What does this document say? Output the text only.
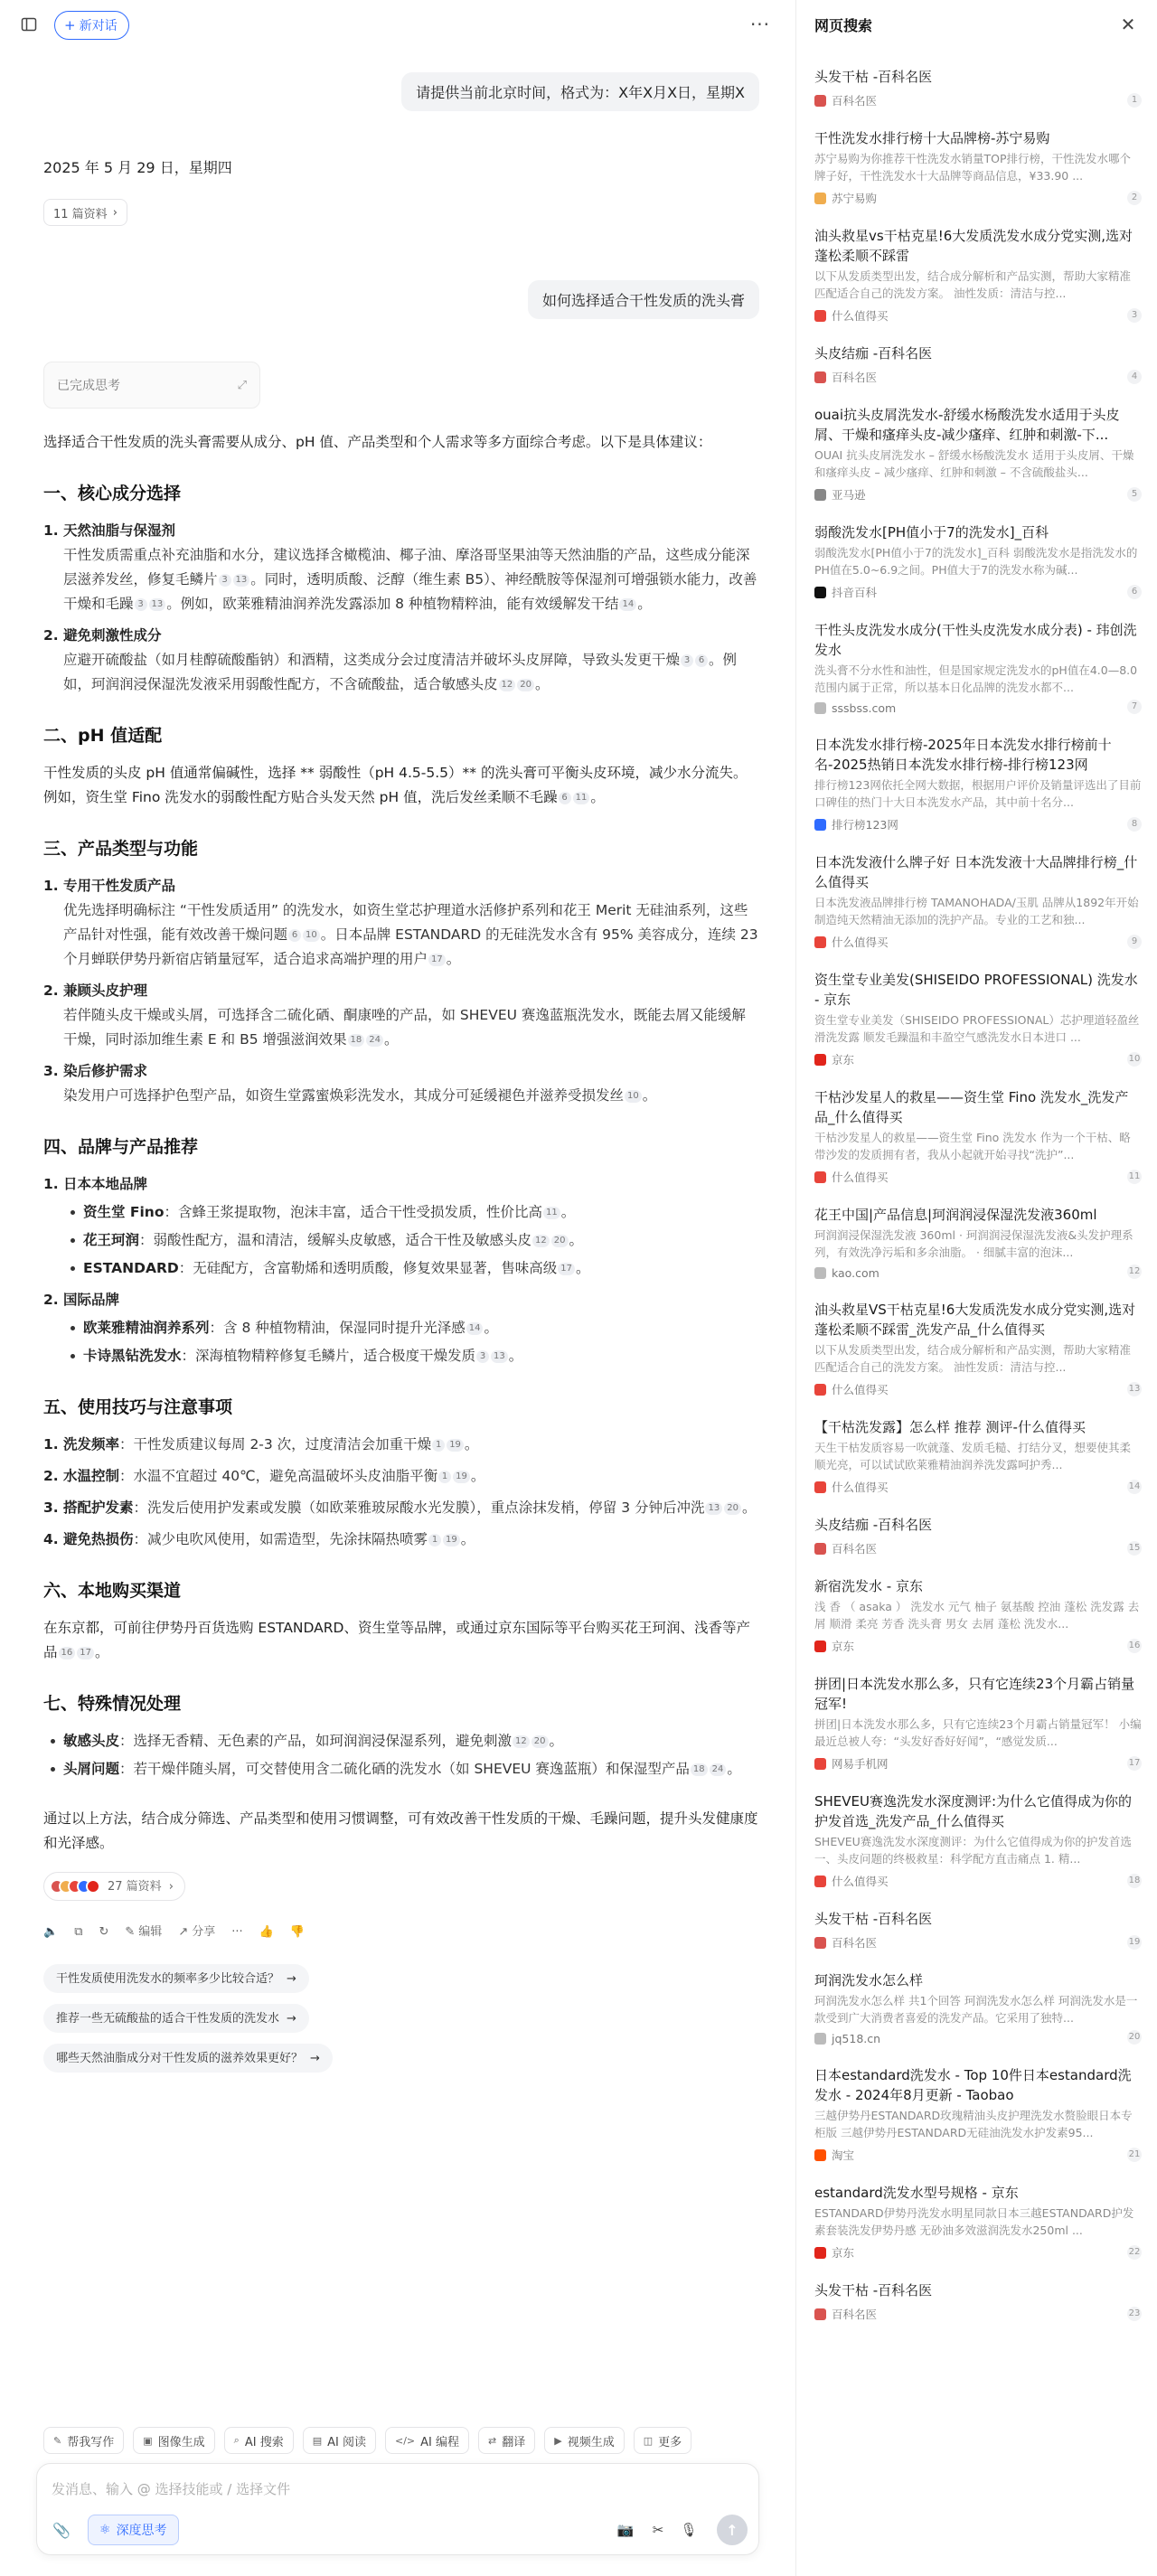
+ 新对话	···
请提供当前北京时间，格式为：X年X月X日，星期X
2025 年 5 月 29 日，星期四
11 篇资料 ›
如何选择适合干性发质的洗头膏
已完成思考	⤢

选择适合干性发质的洗头膏需要从成分、pH 值、产品类型和个人需求等多方面综合考虑。以下是具体建议：

一、核心成分选择
1. 天然油脂与保湿剂
干性发质需重点补充油脂和水分，建议选择含橄榄油、椰子油、摩洛哥坚果油等天然油脂的产品，这些成分能深层滋养发丝，修复毛鳞片 3 13 。同时，透明质酸、泛醇（维生素 B5）、神经酰胺等保湿剂可增强锁水能力，改善干燥和毛躁 3 13 。例如，欧莱雅精油润养洗发露添加 8 种植物精粹油，能有效缓解发干结 14 。
2. 避免刺激性成分
应避开硫酸盐（如月桂醇硫酸酯钠）和酒精，这类成分会过度清洁并破坏头皮屏障，导致头发更干燥 3 6 。例如，珂润润浸保湿洗发液采用弱酸性配方，不含硫酸盐，适合敏感头皮 12 20 。
二、pH 值适配

干性发质的头皮 pH 值通常偏碱性，选择 ** 弱酸性（pH 4.5-5.5）** 的洗头膏可平衡头皮环境，减少水分流失。例如，资生堂 Fino 洗发水的弱酸性配方贴合头发天然 pH 值，洗后发丝柔顺不毛躁 6 11 。

三、产品类型与功能
1. 专用干性发质产品
优先选择明确标注 “干性发质适用” 的洗发水，如资生堂芯护理道水活修护系列和花王 Merit 无硅油系列，这些产品针对性强，能有效改善干燥问题 6 10 。日本品牌 ESTANDARD 的无硅洗发水含有 95% 美容成分，连续 23 个月蝉联伊势丹新宿店销量冠军，适合追求高端护理的用户 17 。
2. 兼顾头皮护理
若伴随头皮干燥或头屑，可选择含二硫化硒、酮康唑的产品，如 SHEVEU 赛逸蓝瓶洗发水，既能去屑又能缓解干燥，同时添加维生素 E 和 B5 增强滋润效果 18 24 。
3. 染后修护需求
染发用户可选择护色型产品，如资生堂露蜜焕彩洗发水，其成分可延缓褪色并滋养受损发丝 10 。
四、品牌与产品推荐
1. 日本本地品牌
资生堂 Fino：含蜂王浆提取物，泡沫丰富，适合干性受损发质，性价比高 11 。
花王珂润：弱酸性配方，温和清洁，缓解头皮敏感，适合干性及敏感头皮 12 20 。
ESTANDARD：无硅配方，含富勒烯和透明质酸，修复效果显著，售味高级 17 。
2. 国际品牌
欧莱雅精油润养系列：含 8 种植物精油，保湿同时提升光泽感 14 。
卡诗黑钻洗发水：深海植物精粹修复毛鳞片，适合极度干燥发质 3 13 。
五、使用技巧与注意事项
1. 洗发频率：干性发质建议每周 2-3 次，过度清洁会加重干燥 1 19 。
2. 水温控制：水温不宜超过 40℃，避免高温破坏头皮油脂平衡 1 19 。
3. 搭配护发素：洗发后使用护发素或发膜（如欧莱雅玻尿酸水光发膜），重点涂抹发梢，停留 3 分钟后冲洗 13 20 。
4. 避免热损伤：减少电吹风使用，如需造型，先涂抹隔热喷雾 1 19 。
六、本地购买渠道

在东京都，可前往伊势丹百货选购 ESTANDARD、资生堂等品牌，或通过京东国际等平台购买花王珂润、浅香等产品 16 17 。

七、特殊情况处理
敏感头皮：选择无香精、无色素的产品，如珂润润浸保湿系列，避免刺激 12 20 。
头屑问题：若干燥伴随头屑，可交替使用含二硫化硒的洗发水（如 SHEVEU 赛逸蓝瓶）和保湿型产品 18 24 。

通过以上方法，结合成分筛选、产品类型和使用习惯调整，可有效改善干性发质的干燥、毛躁问题，提升头发健康度和光泽感。

27 篇资料 ›
🔈 ⧉ ↻ ✎ 编辑 ↗ 分享 ··· 👍 👎
干性发质使用洗发水的频率多少比较合适？ →
推荐一些无硫酸盐的适合干性发质的洗发水 →
哪些天然油脂成分对干性发质的滋养效果更好？ →
✎ 帮我写作	▣ 图像生成	⌕ AI 搜索	▤ AI 阅读	</> AI 编程	⇄ 翻译	▶ 视频生成	◫ 更多
发消息、输入 @ 选择技能或 / 选择文件
📎 ⚛ 深度思考	📷	✂	🎙 ↑
网页搜索	✕
头发干枯 -百科名医
百科名医	1
干性洗发水排行榜十大品牌榜-苏宁易购
苏宁易购为你推荐干性洗发水销量TOP排行榜，干性洗发水哪个牌子好，干性洗发水十大品牌等商品信息，¥33.90 ...
苏宁易购	2
油头救星vs干枯克星!6大发质洗发水成分党实测,选对蓬松柔顺不踩雷
以下从发质类型出发，结合成分解析和产品实测，帮助大家精准匹配适合自己的洗发方案。 油性发质：清洁与控...
什么值得买	3
头皮结痂 -百科名医
百科名医	4
ouai抗头皮屑洗发水-舒缓水杨酸洗发水适用于头皮屑、干燥和瘙痒头皮-减少瘙痒、红肿和刺激-下...
OUAI 抗头皮屑洗发水 – 舒缓水杨酸洗发水 适用于头皮屑、干燥和瘙痒头皮 – 减少瘙痒、红肿和刺激 – 不含硫酸盐头...
亚马逊	5
弱酸洗发水[PH值小于7的洗发水]_百科
弱酸洗发水[PH值小于7的洗发水]_百科 弱酸洗发水是指洗发水的PH值在5.0~6.9之间。PH值大于7的洗发水称为碱...
抖音百科	6
干性头皮洗发水成分(干性头皮洗发水成分表) - 玮创洗发水
洗头膏不分水性和油性，但是国家规定洗发水的pH值在4.0—8.0范围内属于正常，所以基本日化品牌的洗发水都不...
sssbss.com	7
日本洗发水排行榜-2025年日本洗发水排行榜前十名-2025热销日本洗发水排行榜-排行榜123网
排行榜123网依托全网大数据，根据用户评价及销量评选出了目前口碑佳的热门十大日本洗发水产品，其中前十名分...
排行榜123网	8
日本洗发液什么牌子好 日本洗发液十大品牌排行榜_什么值得买
日本洗发液品牌排行榜 TAMANOHADA/玉肌 品牌从1892年开始制造纯天然精油无添加的洗护产品。专业的工艺和独...
什么值得买	9
资生堂专业美发(SHISEIDO PROFESSIONAL) 洗发水 - 京东
资生堂专业美发（SHISEIDO PROFESSIONAL）芯护理道轻盈丝滑洗发露 顺发毛躁温和丰盈空气感洗发水日本进口 ...
京东	10
干枯沙发星人的救星——资生堂 Fino 洗发水_洗发产品_什么值得买
干枯沙发星人的救星——资生堂 Fino 洗发水 作为一个干枯、略带沙发的发质拥有者，我从小起就开始寻找“洗护”...
什么值得买	11
花王中国|产品信息|珂润润浸保湿洗发液360ml
珂润润浸保湿洗发液 360ml · 珂润润浸保湿洗发液&头发护理系列，有效洗净污垢和多余油脂。 · 细腻丰富的泡沫...
kao.com	12
油头救星VS干枯克星!6大发质洗发水成分党实测,选对蓬松柔顺不踩雷_洗发产品_什么值得买
以下从发质类型出发，结合成分解析和产品实测，帮助大家精准匹配适合自己的洗发方案。 油性发质：清洁与控...
什么值得买	13
【干枯洗发露】怎么样 推荐 测评-什么值得买
天生干枯发质容易一吹就蓬、发质毛糙、打结分叉，想要使其柔顺光亮，可以试试欧莱雅精油润养洗发露呵护秀...
什么值得买	14
头皮结痂 -百科名医
百科名医	15
新宿洗发水 - 京东
浅 香 （ asaka ） 洗发水 元气 柚子 氨基酸 控油 蓬松 洗发露 去屑 顺滑 柔亮 芳香 洗头膏 男女 去屑 蓬松 洗发水...
京东	16
拼团|日本洗发水那么多，只有它连续23个月霸占销量冠军!
拼团|日本洗发水那么多，只有它连续23个月霸占销量冠军！ 小编最近总被人夸：“头发好香好好闻”，“感觉发质...
网易手机网	17
SHEVEU赛逸洗发水深度测评:为什么它值得成为你的护发首选_洗发产品_什么值得买
SHEVEU赛逸洗发水深度测评：为什么它值得成为你的护发首选 一、头皮问题的终极救星：科学配方直击痛点 1. 精...
什么值得买	18
头发干枯 -百科名医
百科名医	19
珂润洗发水怎么样
珂润洗发水怎么样 共1个回答 珂润洗发水怎么样 珂润洗发水是一款受到广大消费者喜爱的洗发产品。它采用了独特...
jq518.cn	20
日本estandard洗发水 - Top 10件日本estandard洗发水 - 2024年8月更新 - Taobao
三越伊势丹ESTANDARD玫瑰精油头皮护理洗发水赘脸眼日本专柜版 三越伊势丹ESTANDARD无硅油洗发水护发素95...
淘宝	21
estandard洗发水型号规格 - 京东
ESTANDARD伊势丹洗发水明星同款日本三越ESTANDARD护发素套装洗发伊势丹感 无砂油多效滋润洗发水250ml ...
京东	22
头发干枯 -百科名医
百科名医	23
